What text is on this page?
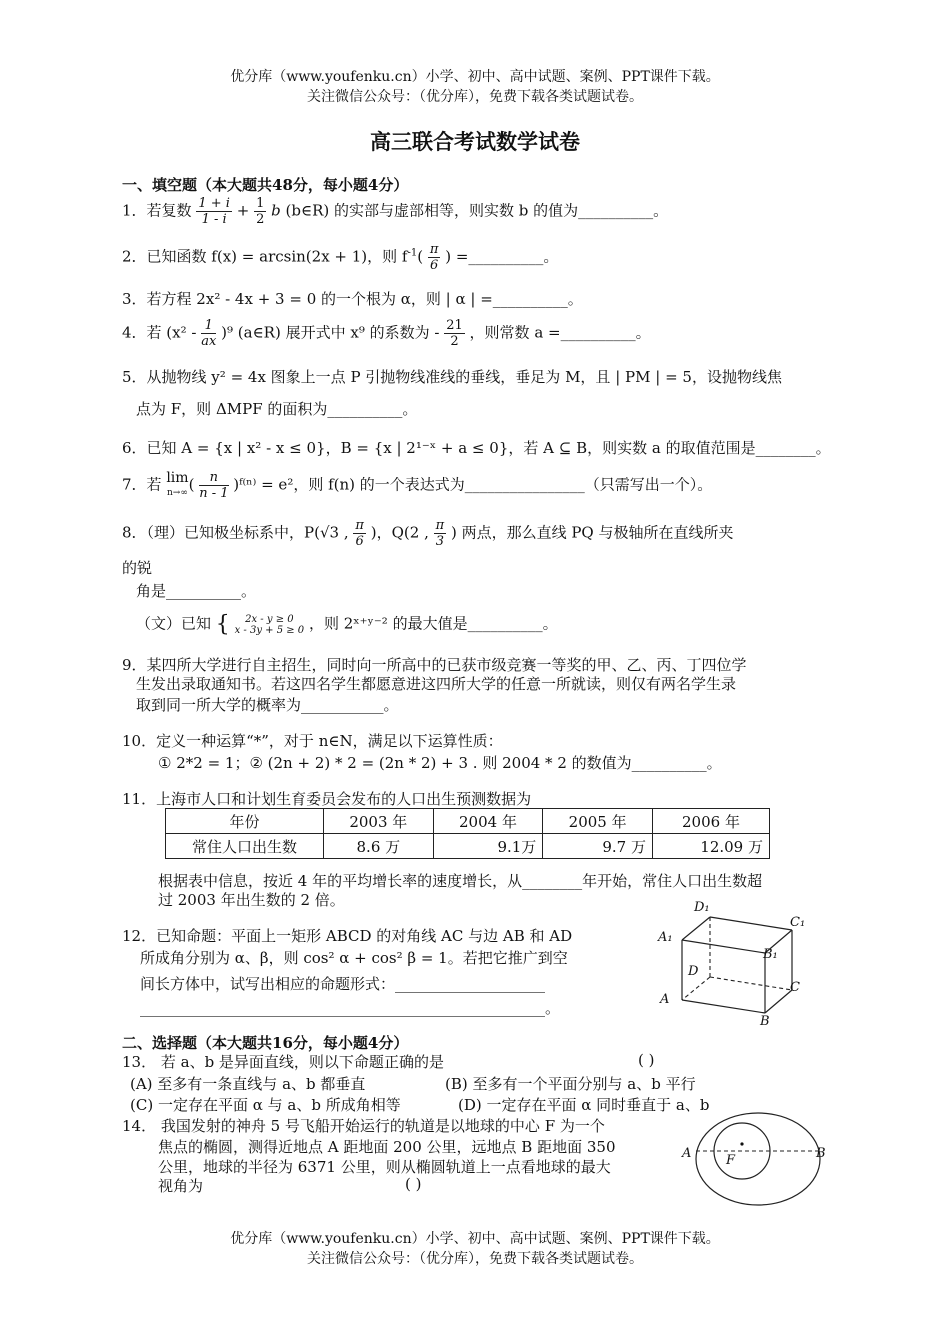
优分库（www.youfenku.cn）小学、初中、高中试题、案例、PPT课件下载。
关注微信公众号：（优分库），免费下载各类试题试卷。
高三联合考试数学试卷
一、填空题（本大题共48分，每小题4分）
1．若复数 $\frac{1 + i}{1 - i} + \frac{1}{2}$ b (b∈R) 的实部与虚部相等，则实数 b 的值为__________。
2．已知函数 f(x) = arcsin(2x + 1)，则 $f^{-1}( \frac{\pi}{6}$ ) =__________。
3．若方程 2x² - 4x + 3 = 0 的一个根为 α，则 | α | =__________。
4．若 $(x^2 - \frac{1}{ax} )^9$ (a∈R) 展开式中 x⁹ 的系数为 - $\frac{21}{2}$ ，则常数 a =__________。
5．从抛物线 y² = 4x 图象上一点 P 引抛物线准线的垂线，垂足为 M，且 | PM | = 5，设抛物线焦
点为 F，则 ΔMPF 的面积为__________。
6．已知 A = {x | x² - x ≤ 0}，B = {x | 2¹⁻ˣ + a ≤ 0}，若 A ⊆ B，则实数 a 的取值范围是________。
7．若 lim
n→∞ ( $\frac{n}{n - 1}$ )ᶠ⁽ⁿ⁾ = e²，则 f(n) 的一个表达式为________________（只需写出一个）。
8．（理）已知极坐标系中，P(√3 , $\frac{\pi}{6}$ )，Q(2 , $\frac{\pi}{3}$ ) 两点，那么直线 PQ 与极轴所在直线所夹
的锐
角是__________。
（文）已知 {	2x - y ≥ 0
x - 3y + 5 ≥ 0 ，则 2ˣ⁺ʸ⁻² 的最大值是__________。
9．某四所大学进行自主招生，同时向一所高中的已获市级竞赛一等奖的甲、乙、丙、丁四位学
生发出录取通知书。若这四名学生都愿意进这四所大学的任意一所就读，则仅有两名学生录
取到同一所大学的概率为___________。
10．定义一种运算“*”，对于 n∈N，满足以下运算性质：
① 2*2 = 1；② (2n + 2) * 2 = (2n * 2) + 3 . 则 2004 * 2 的数值为__________。
11．上海市人口和计划生育委员会发布的人口出生预测数据为
年份	2003 年	2004 年	2005 年	2006 年
常住人口出生数	8.6 万	9.1万	9.7 万	12.09 万
根据表中信息，按近 4 年的平均增长率的速度增长，从________年开始，常住人口出生数超
过 2003 年出生数的 2 倍。
12．已知命题：平面上一矩形 ABCD 的对角线 AC 与边 AB 和 AD
所成角分别为 α、β，则 cos² α + cos² β = 1。若把它推广到空
间长方体中，试写出相应的命题形式：____________________
______________________________________________________。
D₁
C₁
A₁
B₁
D
C
A
B
二、选择题（本大题共16分，每小题4分）
13． 若 a、b 是异面直线，则以下命题正确的是	( )
(A) 至多有一条直线与 a、b 都垂直	(B) 至多有一个平面分别与 a、b 平行
(C) 一定存在平面 α 与 a、b 所成角相等	(D) 一定存在平面 α 同时垂直于 a、b
14． 我国发射的神舟 5 号飞船开始运行的轨道是以地球的中心 F 为一个
焦点的椭圆，测得近地点 A 距地面 200 公里，远地点 B 距地面 350
公里，地球的半径为 6371 公里，则从椭圆轨道上一点看地球的最大
视角为	( )
A	F	B
优分库（www.youfenku.cn）小学、初中、高中试题、案例、PPT课件下载。
关注微信公众号：（优分库），免费下载各类试题试卷。
